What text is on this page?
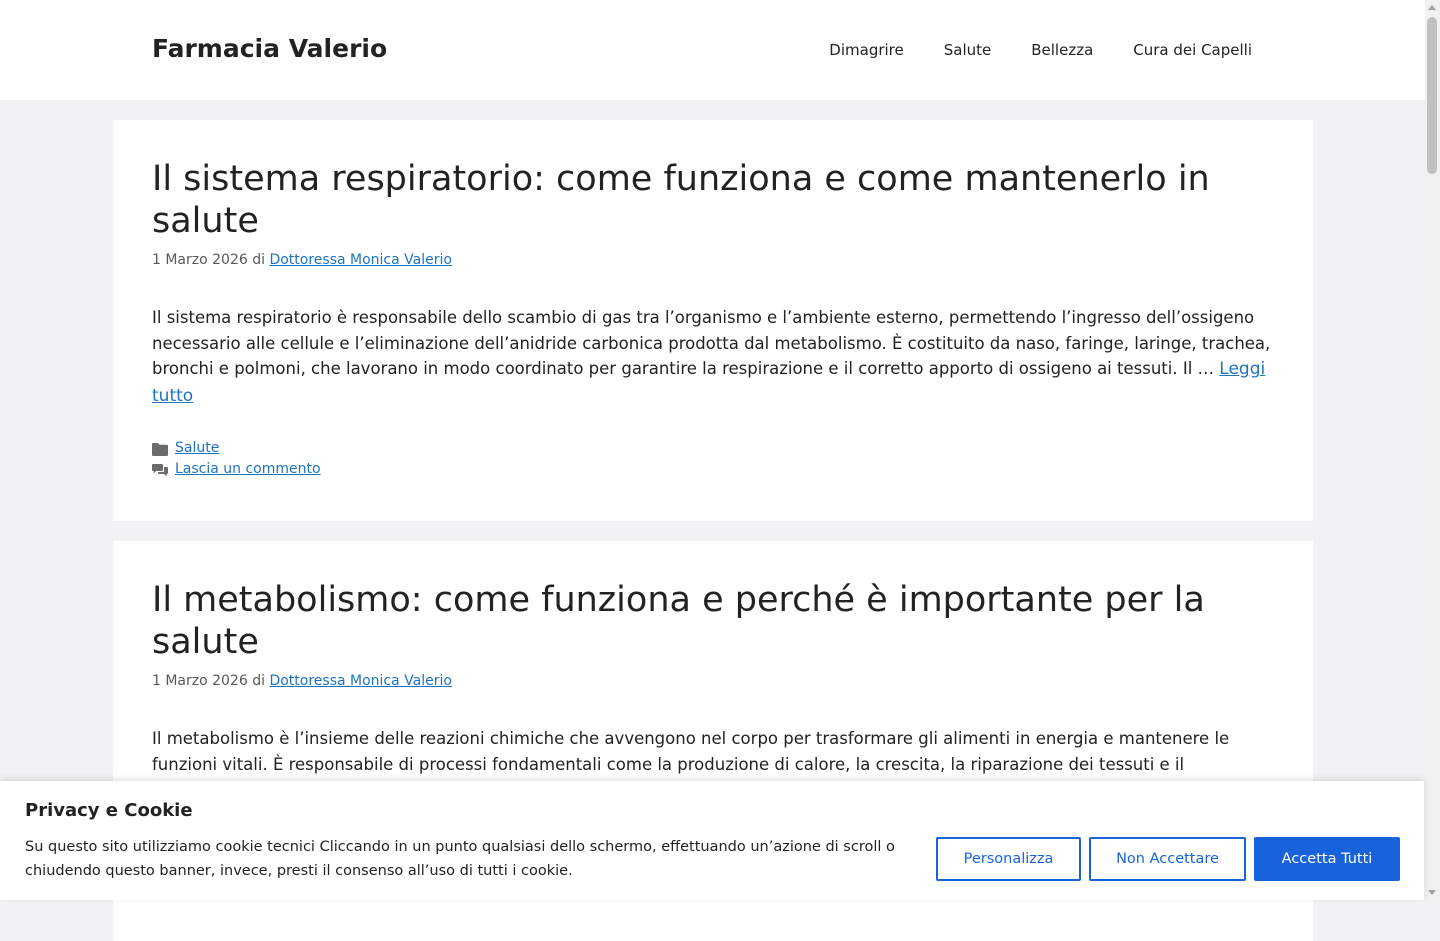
Farmacia Valerio	Dimagrire	Salute	Bellezza	Cura dei Capelli
Il sistema respiratorio: come funziona e come mantenerlo in salute
1 Marzo 2026 di Dottoressa Monica Valerio

Il sistema respiratorio è responsabile dello scambio di gas tra l’organismo e l’ambiente esterno, permettendo l’ingresso dell’ossigeno necessario alle cellule e l’eliminazione dell’anidride carbonica prodotta dal metabolismo. È costituito da naso, faringe, laringe, trachea, bronchi e polmoni, che lavorano in modo coordinato per garantire la respirazione e il corretto apporto di ossigeno ai tessuti. Il … Leggi tutto

Salute
Lascia un commento
Il metabolismo: come funziona e perché è importante per la salute
1 Marzo 2026 di Dottoressa Monica Valerio

Il metabolismo è l’insieme delle reazioni chimiche che avvengono nel corpo per trasformare gli alimenti in energia e mantenere le funzioni vitali. È responsabile di processi fondamentali come la produzione di calore, la crescita, la riparazione dei tessuti e il

Privacy e Cookie

Su questo sito utilizziamo cookie tecnici Cliccando in un punto qualsiasi dello schermo, effettuando un’azione di scroll o chiudendo questo banner, invece, presti il consenso all’uso di tutti i cookie.

Personalizza	Non Accettare	Accetta Tutti
